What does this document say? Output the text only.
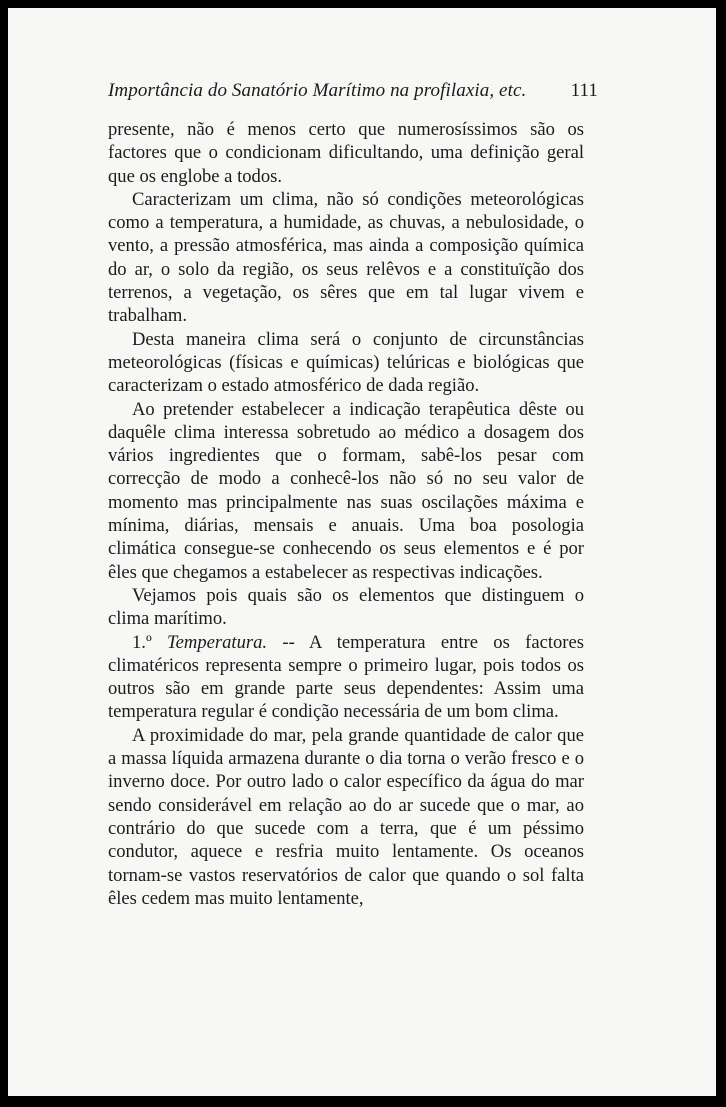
Importância do Sanatório Marítimo na profilaxia, etc. 111

presente, não é menos certo que numerosíssimos são os factores que o condicionam dificultando, uma definição geral que os englobe a todos.

Caracterizam um clima, não só condições meteorológicas como a temperatura, a humidade, as chuvas, a nebulosidade, o vento, a pressão atmosférica, mas ainda a composição química do ar, o solo da região, os seus relêvos e a constituïção dos terrenos, a vegetação, os sêres que em tal lugar vivem e trabalham.

Desta maneira clima será o conjunto de circunstâncias meteorológicas (físicas e químicas) telúricas e biológicas que caracterizam o estado atmosférico de dada região.

Ao pretender estabelecer a indicação terapêutica dêste ou daquêle clima interessa sobretudo ao médico a dosagem dos vários ingredientes que o formam, sabê-los pesar com correcção de modo a conhecê-los não só no seu valor de momento mas principalmente nas suas oscilações máxima e mínima, diárias, mensais e anuais. Uma boa posologia climática consegue-se conhecendo os seus elementos e é por êles que chegamos a estabelecer as respectivas indicações.

Vejamos pois quais são os elementos que distinguem o clima marítimo.

1.º Temperatura. -- A temperatura entre os factores climatéricos representa sempre o primeiro lugar, pois todos os outros são em grande parte seus dependentes: Assim uma temperatura regular é condição necessária de um bom clima.

A proximidade do mar, pela grande quantidade de calor que a massa líquida armazena durante o dia torna o verão fresco e o inverno doce. Por outro lado o calor específico da água do mar sendo considerável em relação ao do ar sucede que o mar, ao contrário do que sucede com a terra, que é um péssimo condutor, aquece e resfria muito lentamente. Os oceanos tornam-se vastos reservatórios de calor que quando o sol falta êles cedem mas muito lentamente,
